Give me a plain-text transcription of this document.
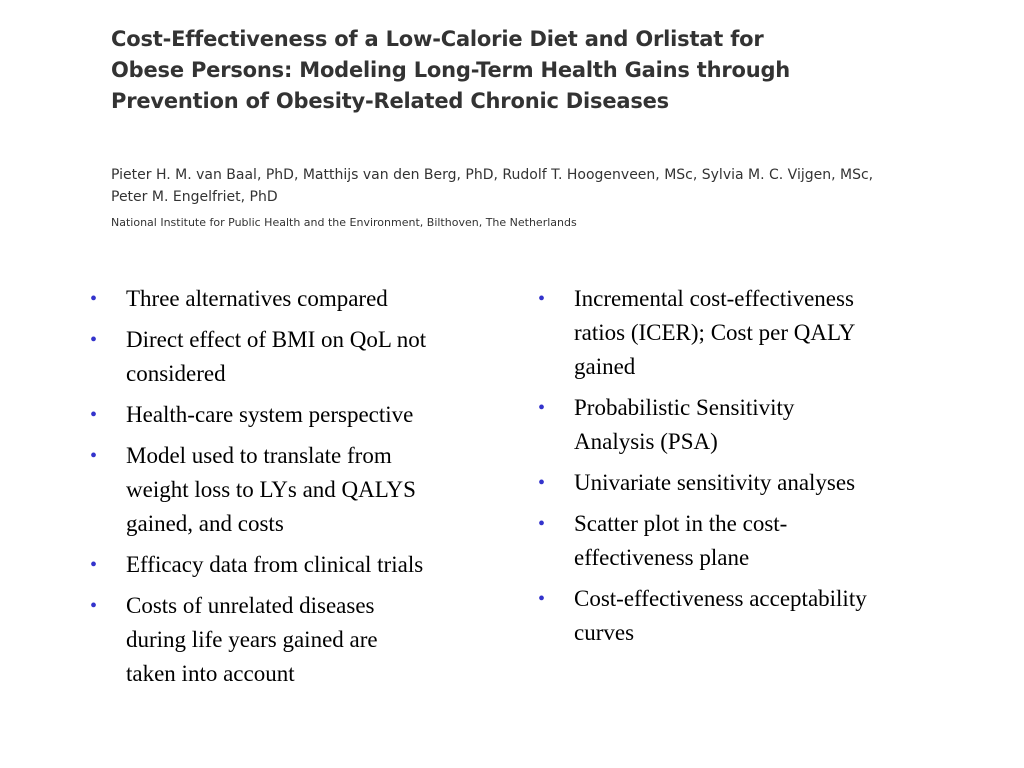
Cost-Effectiveness of a Low-Calorie Diet and Orlistat for
Obese Persons: Modeling Long-Term Health Gains through
Prevention of Obesity-Related Chronic Diseases
Pieter H. M. van Baal, PhD, Matthijs van den Berg, PhD, Rudolf T. Hoogenveen, MSc, Sylvia M. C. Vijgen, MSc,
Peter M. Engelfriet, PhD
National Institute for Public Health and the Environment, Bilthoven, The Netherlands
• Three alternatives compared
• Direct effect of BMI on QoL not
considered
• Health-care system perspective
• Model used to translate from
weight loss to LYs and QALYS
gained, and costs
• Efficacy data from clinical trials
• Costs of unrelated diseases
during life years gained are
taken into account
• Incremental cost-effectiveness
ratios (ICER); Cost per QALY
gained
• Probabilistic Sensitivity
Analysis (PSA)
• Univariate sensitivity analyses
• Scatter plot in the cost-
effectiveness plane
• Cost-effectiveness acceptability
curves
